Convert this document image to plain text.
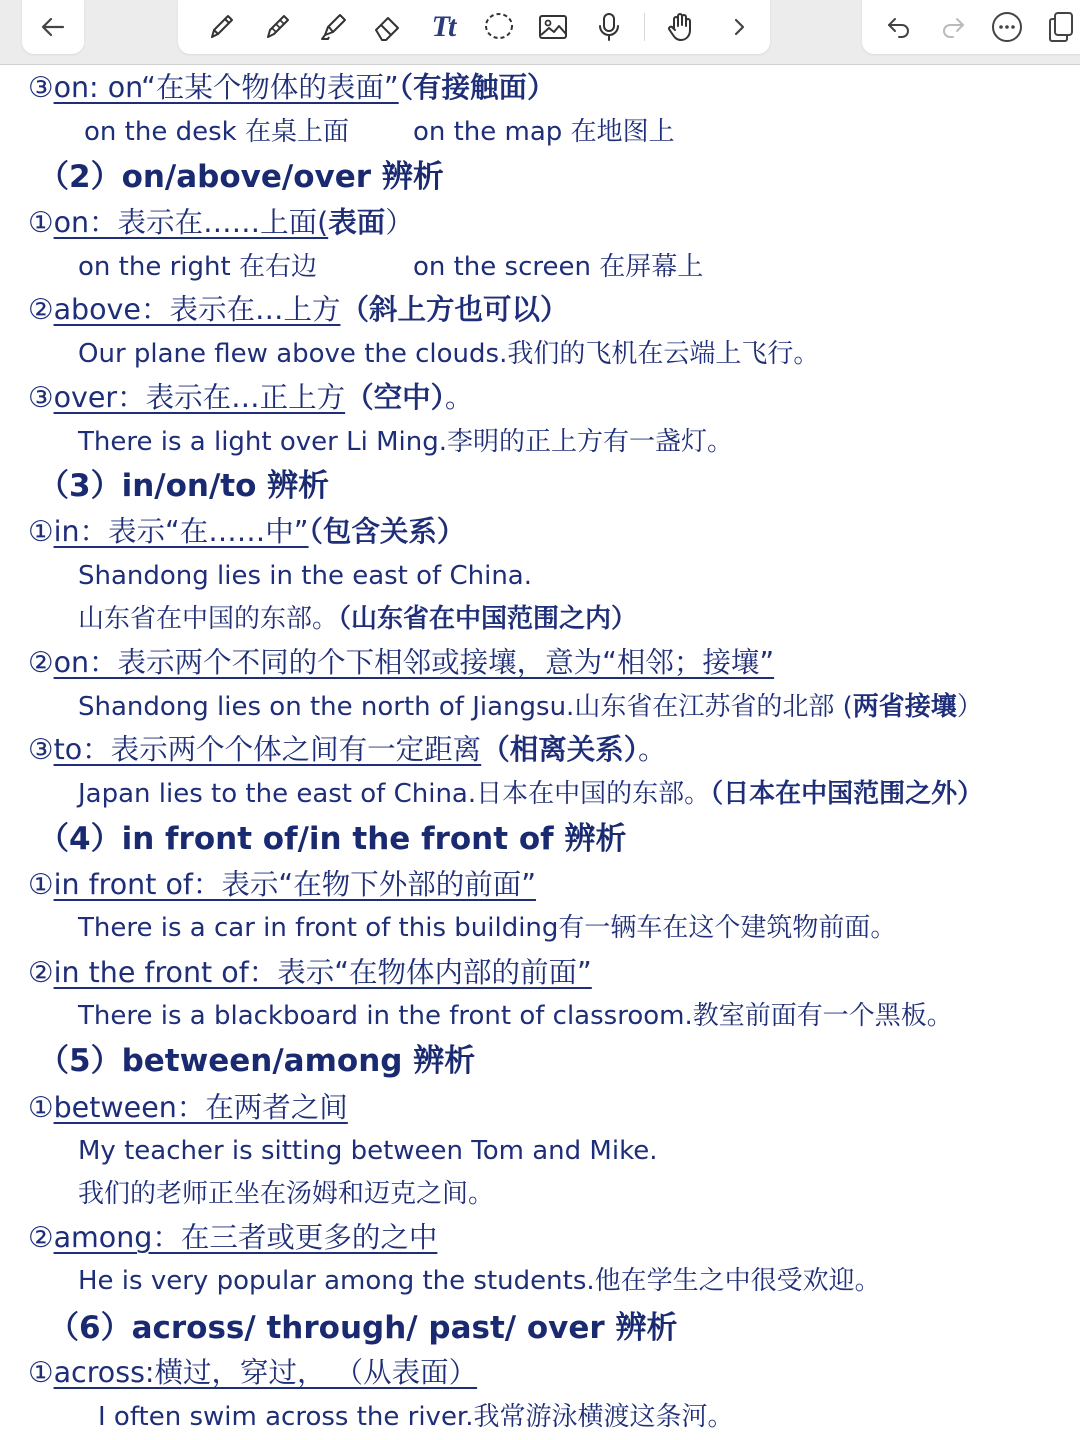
Tt
③on: on“在某个物体的表面”（有接触面）
on the desk 在桌上面 on the map 在地图上
（2）on/above/over 辨析
①on：表示在……上面(表面）
on the right 在右边	on the screen 在屏幕上
②above：表示在…上方（斜上方也可以）
Our plane flew above the clouds.我们的飞机在云端上飞行。
③over：表示在…正上方（空中）。
There is a light over Li Ming.李明的正上方有一盏灯。
（3）in/on/to 辨析
①in：表示“在……中”（包含关系）
Shandong lies in the east of China.
山东省在中国的东部。（山东省在中国范围之内）
②on：表示两个不同的个下相邻或接壤，意为“相邻；接壤”
Shandong lies on the north of Jiangsu.山东省在江苏省的北部 (两省接壤）
③to：表示两个个体之间有一定距离（相离关系）。
Japan lies to the east of China.日本在中国的东部。（日本在中国范围之外）
（4）in front of/in the front of 辨析
①in front of：表示“在物下外部的前面”
There is a car in front of this building有一辆车在这个建筑物前面。
②in the front of：表示“在物体内部的前面”
There is a blackboard in the front of classroom.教室前面有一个黑板。
（5）between/among 辨析
①between：在两者之间
My teacher is sitting between Tom and Mike.
我们的老师正坐在汤姆和迈克之间。
②among：在三者或更多的之中
He is very popular among the students.他在学生之中很受欢迎。
（6）across/ through/ past/ over 辨析
①across:横过，穿过， （从表面）
I often swim across the river.我常游泳横渡这条河。
